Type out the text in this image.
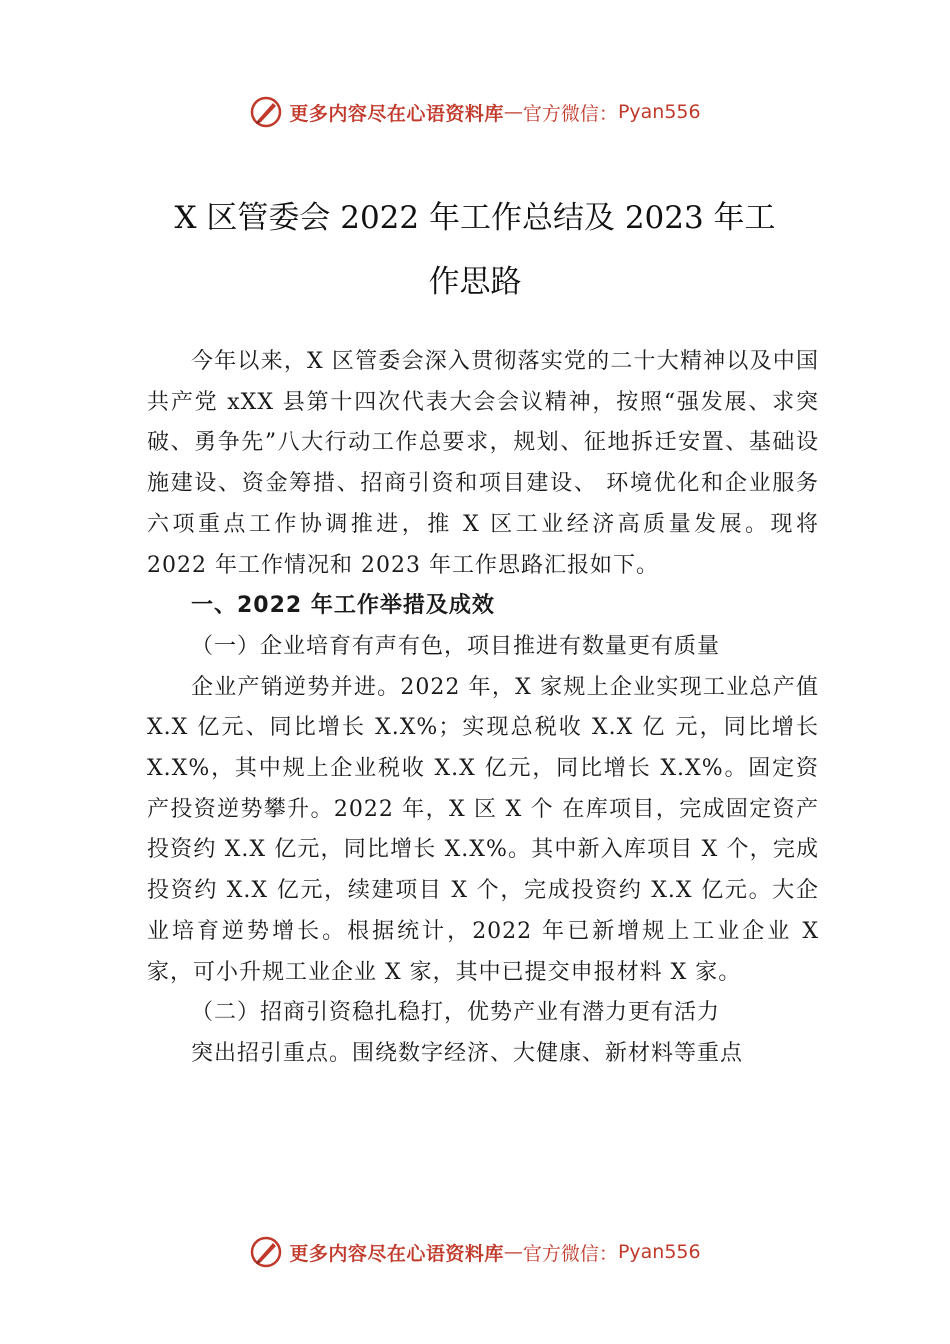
更多内容尽在心语资料库 — 官方微信： Pyan556
X 区管委会 2022 年工作总结及 2023 年工
作思路

今年以来，X 区管委会深入贯彻落实党的二十大精神以及中国共产党 xXX 县第十四次代表大会会议精神，按照“强发展、求突破、勇争先”八大行动工作总要求，规划、征地拆迁安置、基础设施建设、资金筹措、招商引资和项目建设、 环境优化和企业服务六项重点工作协调推进，推 X 区工业经济高质量发展。现将 2022 年工作情况和 2023 年工作思路汇报如下。

一、2022 年工作举措及成效

（一）企业培育有声有色，项目推进有数量更有质量

企业产销逆势并进。2022 年，X 家规上企业实现工业总产值 X.X 亿元、同比增长 X.X%；实现总税收 X.X 亿 元，同比增长 X.X%，其中规上企业税收 X.X 亿元，同比增长 X.X%。固定资产投资逆势攀升。2022 年，X 区 X 个 在库项目，完成固定资产投资约 X.X 亿元，同比增长 X.X%。其中新入库项目 X 个，完成投资约 X.X 亿元，续建项目 X 个，完成投资约 X.X 亿元。大企业培育逆势增长。根据统计，2022 年已新增规上工业企业 X 家，可小升规工业企业 X 家，其中已提交申报材料 X 家。

（二）招商引资稳扎稳打，优势产业有潜力更有活力

突出招引重点。围绕数字经济、大健康、新材料等重点

更多内容尽在心语资料库 — 官方微信： Pyan556
